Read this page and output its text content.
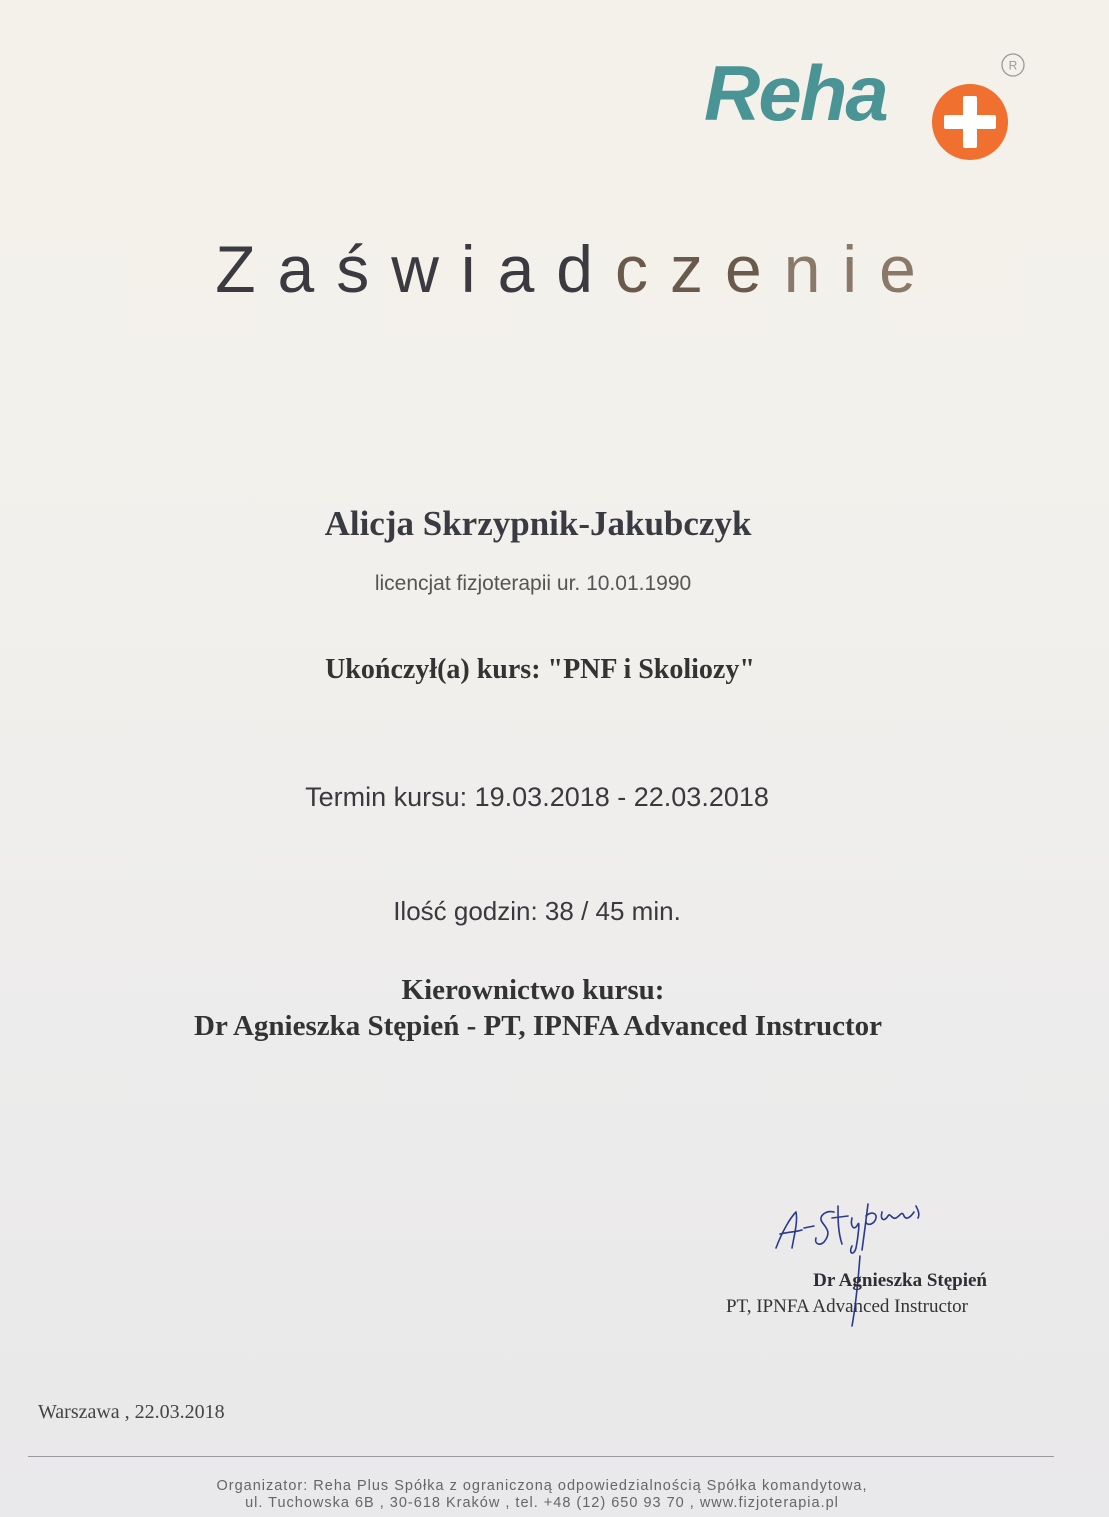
Reha	R
Zaświadczenie
Alicja Skrzypnik-Jakubczyk
licencjat fizjoterapii ur. 10.01.1990
Ukończył(a) kurs: "PNF i Skoliozy"
Termin kursu: 19.03.2018 - 22.03.2018
Ilość godzin: 38 / 45 min.
Kierownictwo kursu:
Dr Agnieszka Stępień - PT, IPNFA Advanced Instructor
Dr Agnieszka Stępień
PT, IPNFA Advanced Instructor
Warszawa , 22.03.2018
Organizator: Reha Plus Spółka z ograniczoną odpowiedzialnością Spółka komandytowa,
ul. Tuchowska 6B , 30-618 Kraków , tel. +48 (12) 650 93 70 , www.fizjoterapia.pl
